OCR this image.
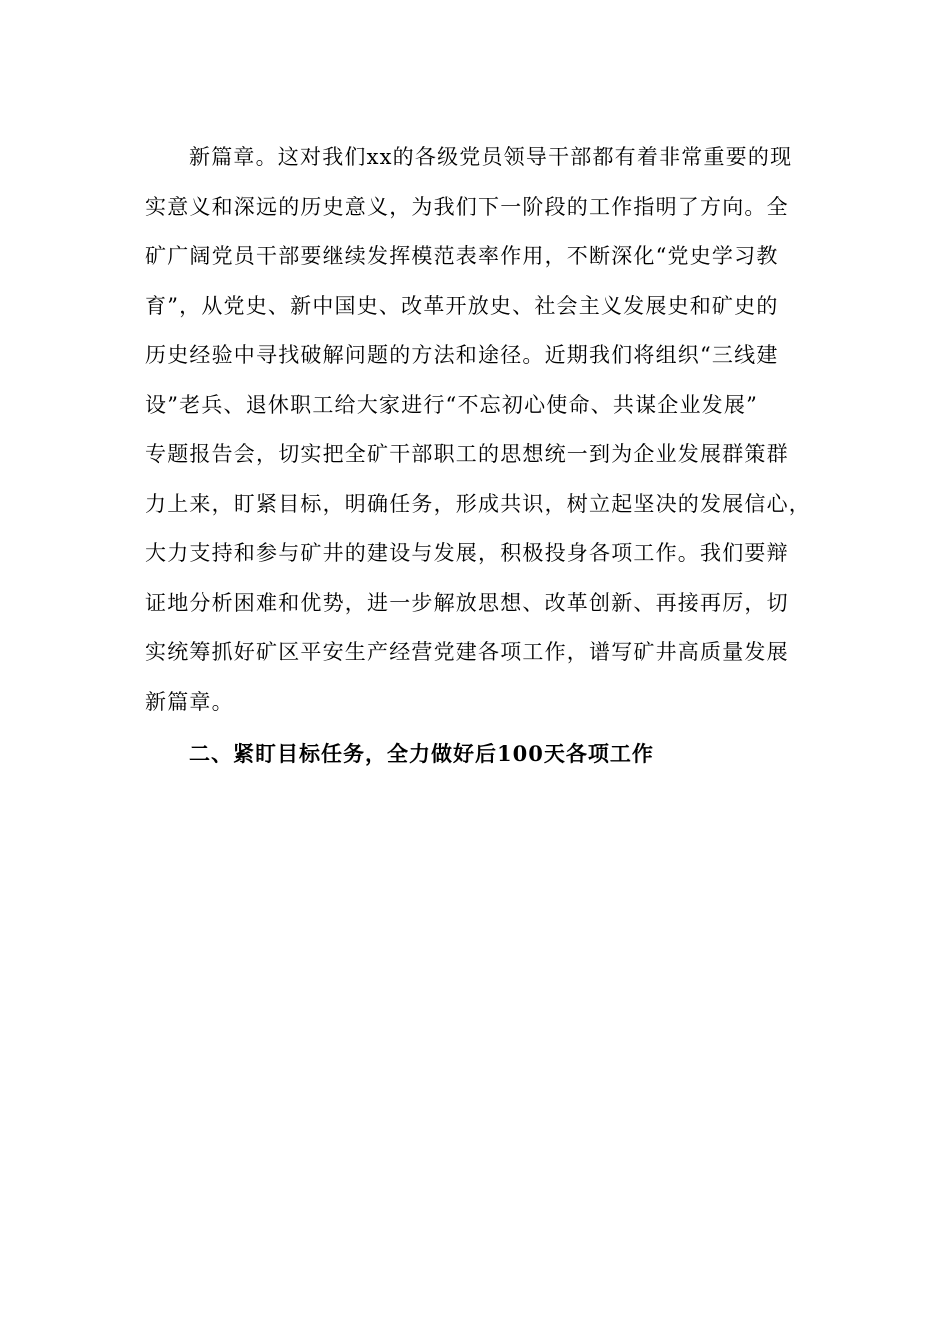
新篇章。这对我们xx的各级党员领导干部都有着非常重要的现
实意义和深远的历史意义，为我们下一阶段的工作指明了方向。全
矿广阔党员干部要继续发挥模范表率作用，不断深化“党史学习教
育”，从党史、新中国史、改革开放史、社会主义发展史和矿史的
历史经验中寻找破解问题的方法和途径。近期我们将组织“三线建
设”老兵、退休职工给大家进行“不忘初心使命、共谋企业发展”
专题报告会，切实把全矿干部职工的思想统一到为企业发展群策群
力上来，盯紧目标，明确任务，形成共识，树立起坚决的发展信心，
大力支持和参与矿井的建设与发展，积极投身各项工作。我们要辩
证地分析困难和优势，进一步解放思想、改革创新、再接再厉，切
实统筹抓好矿区平安生产经营党建各项工作，谱写矿井高质量发展
新篇章。
二、紧盯目标任务，全力做好后100天各项工作
